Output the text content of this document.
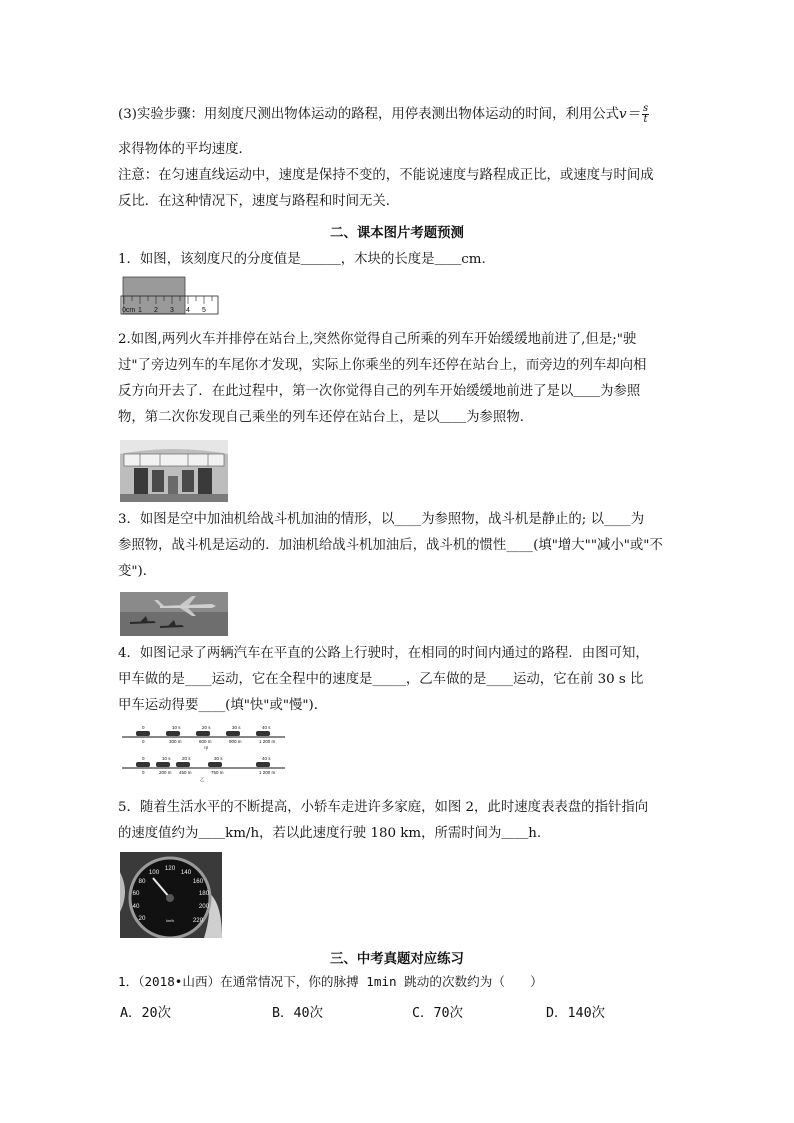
(3)实验步骤：用刻度尺测出物体运动的路程，用停表测出物体运动的时间，利用公式$v= \frac{s}{t}$
求得物体的平均速度．
注意：在匀速直线运动中，速度是保持不变的，不能说速度与路程成正比，或速度与时间成
反比．在这种情况下，速度与路程和时间无关．
二、课本图片考题预测
1．如图，该刻度尺的分度值是＿＿＿，木块的长度是＿＿cm.
0cm 1 2 3 4 5
2.如图,两列火车并排停在站台上,突然你觉得自己所乘的列车开始缓缓地前进了,但是;"驶
过"了旁边列车的车尾你才发现，实际上你乘坐的列车还停在站台上，而旁边的列车却向相
反方向开去了．在此过程中，第一次你觉得自己的列车开始缓缓地前进了是以＿＿为参照
物，第二次你发现自己乘坐的列车还停在站台上，是以＿＿为参照物．
3．如图是空中加油机给战斗机加油的情形，以____为参照物，战斗机是静止的; 以____为
参照物，战斗机是运动的．加油机给战斗机加油后，战斗机的惯性____(填"增大""减小"或"不
变")．
4．如图记录了两辆汽车在平直的公路上行驶时，在相同的时间内通过的路程．由图可知，
甲车做的是____运动，它在全程中的速度是_____，乙车做的是____运动，它在前 30 s 比
甲车运动得要____(填"快"或"慢")．
0	10 s	20 s	30 s	40 s
0	300 m	600 m	900 m	1 200 m
甲
0	10 s	20 s	30 s	40 s
0	200 m 450 m	750 m	1 200 m
乙
5．随着生活水平的不断提高，小轿车走进许多家庭，如图 2，此时速度表表盘的指针指向
的速度值约为＿＿km/h，若以此速度行驶 180 km，所需时间为＿＿h.
20
40
60
80
100
120
140
160
180
200
220
km/h
三、中考真题对应练习
1．（2018•山西）在通常情况下，你的脉搏 1min 跳动的次数约为（　　）
A．20次	B．40次	C．70次	D．140次
